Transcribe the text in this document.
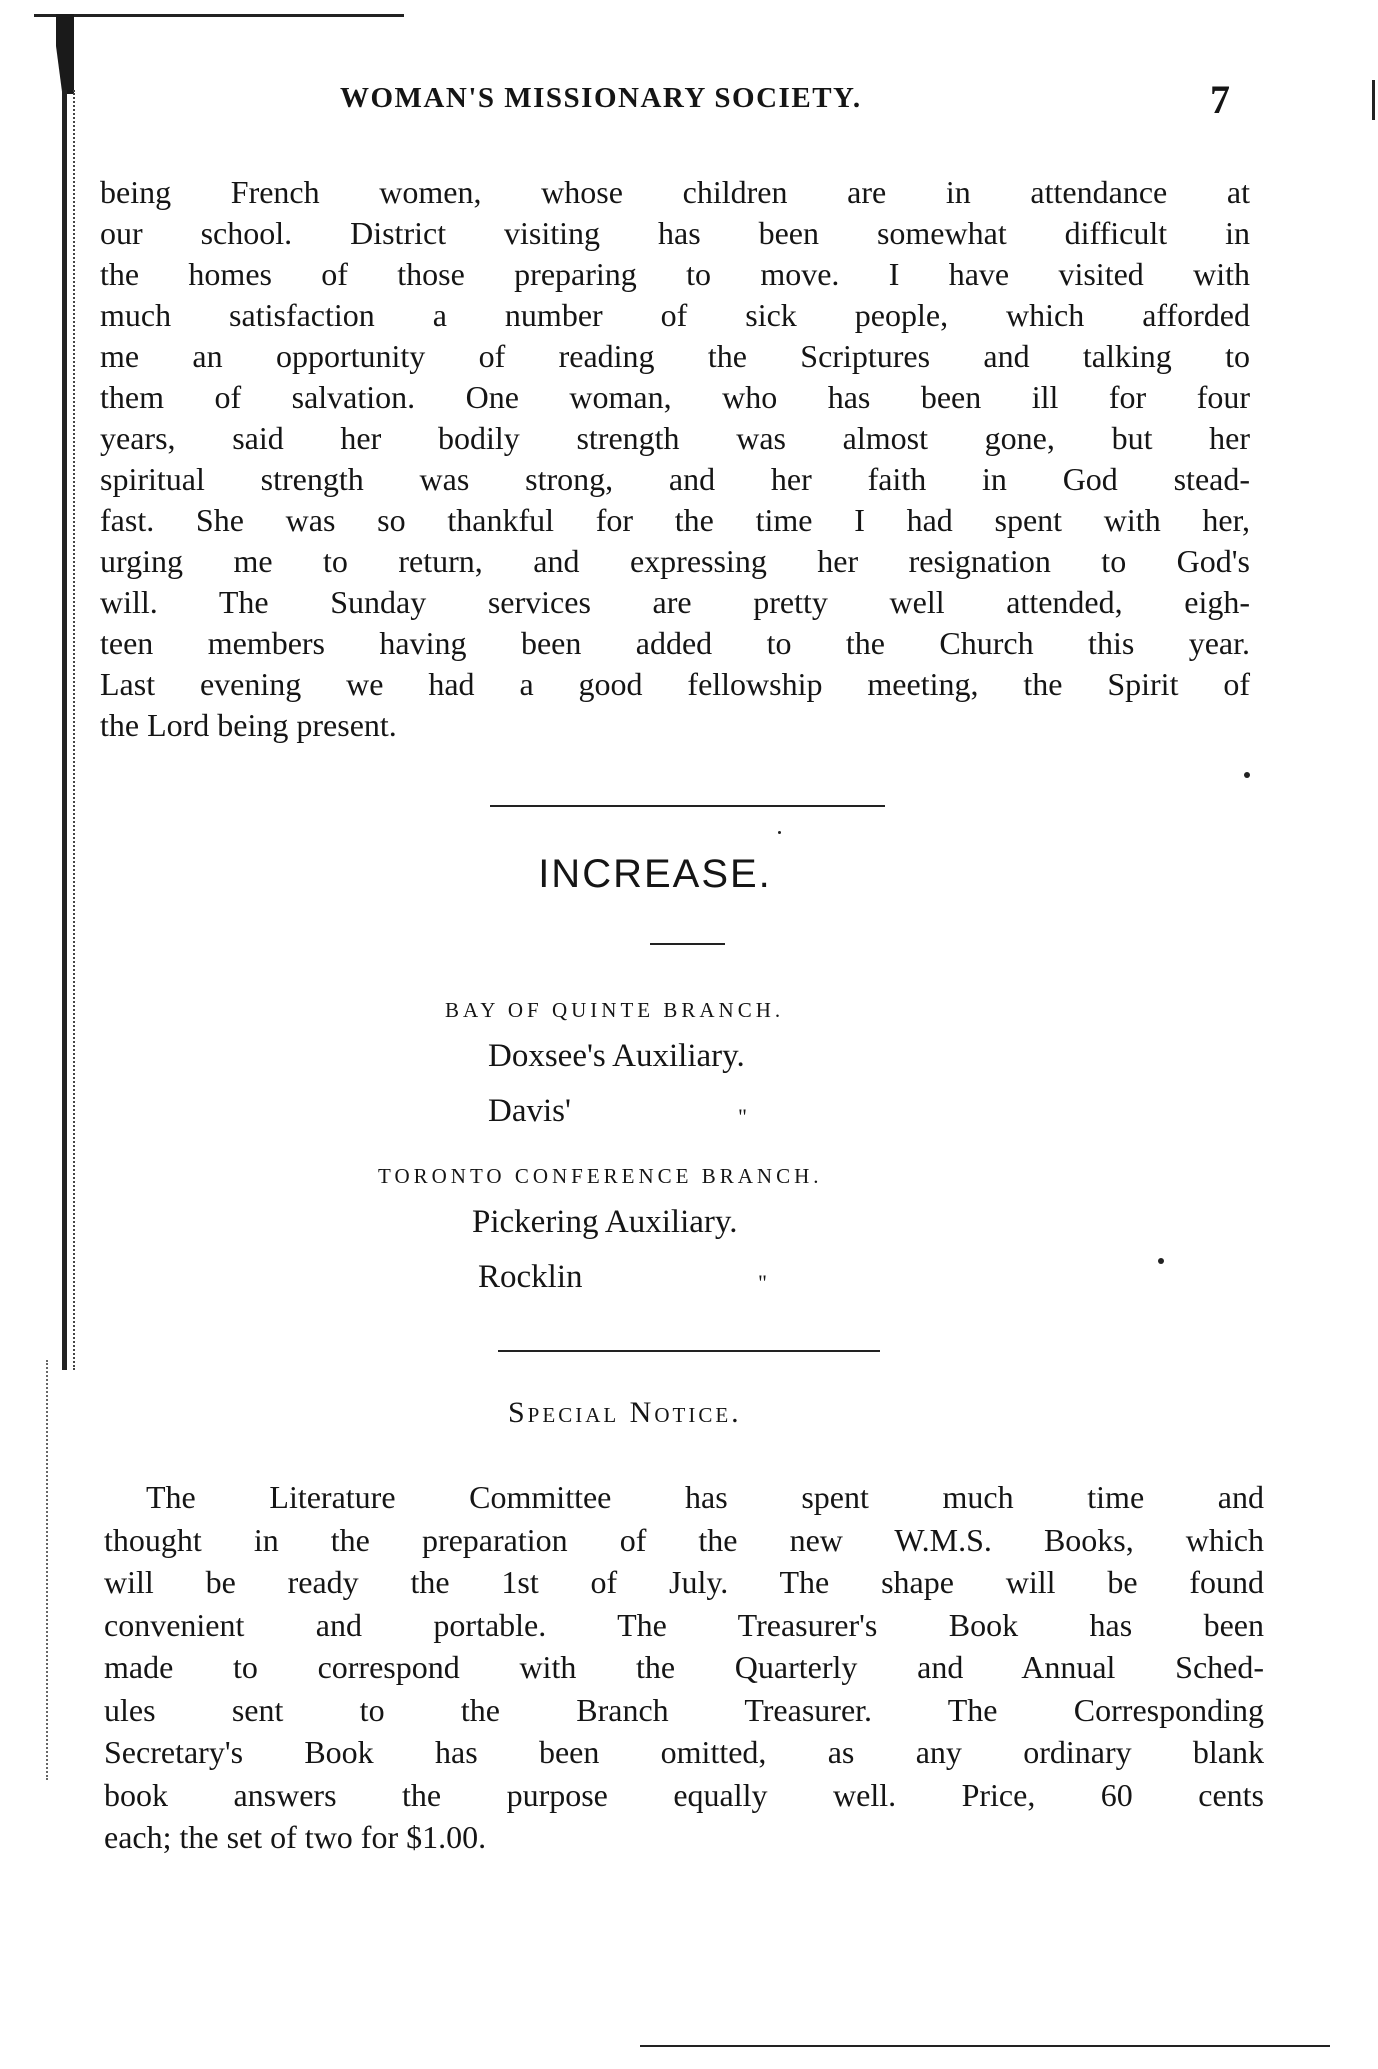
WOMAN'S MISSIONARY SOCIETY.	7
being French women, whose children are in attendance at
our school. District visiting has been somewhat difficult in
the homes of those preparing to move. I have visited with
much satisfaction a number of sick people, which afforded
me an opportunity of reading the Scriptures and talking to
them of salvation. One woman, who has been ill for four
years, said her bodily strength was almost gone, but her
spiritual strength was strong, and her faith in God stead-
fast. She was so thankful for the time I had spent with her,
urging me to return, and expressing her resignation to God's
will. The Sunday services are pretty well attended, eigh-
teen members having been added to the Church this year.
Last evening we had a good fellowship meeting, the Spirit of
the Lord being present.
INCREASE.
BAY OF QUINTE BRANCH.
Doxsee's Auxiliary.
Davis'	"
TORONTO CONFERENCE BRANCH.
Pickering Auxiliary.
Rocklin	"
Special Notice.
The Literature Committee has spent much time and
thought in the preparation of the new W.M.S. Books, which
will be ready the 1st of July. The shape will be found
convenient and portable. The Treasurer's Book has been
made to correspond with the Quarterly and Annual Sched-
ules sent to the Branch Treasurer. The Corresponding
Secretary's Book has been omitted, as any ordinary blank
book answers the purpose equally well. Price, 60 cents
each; the set of two for $1.00.
